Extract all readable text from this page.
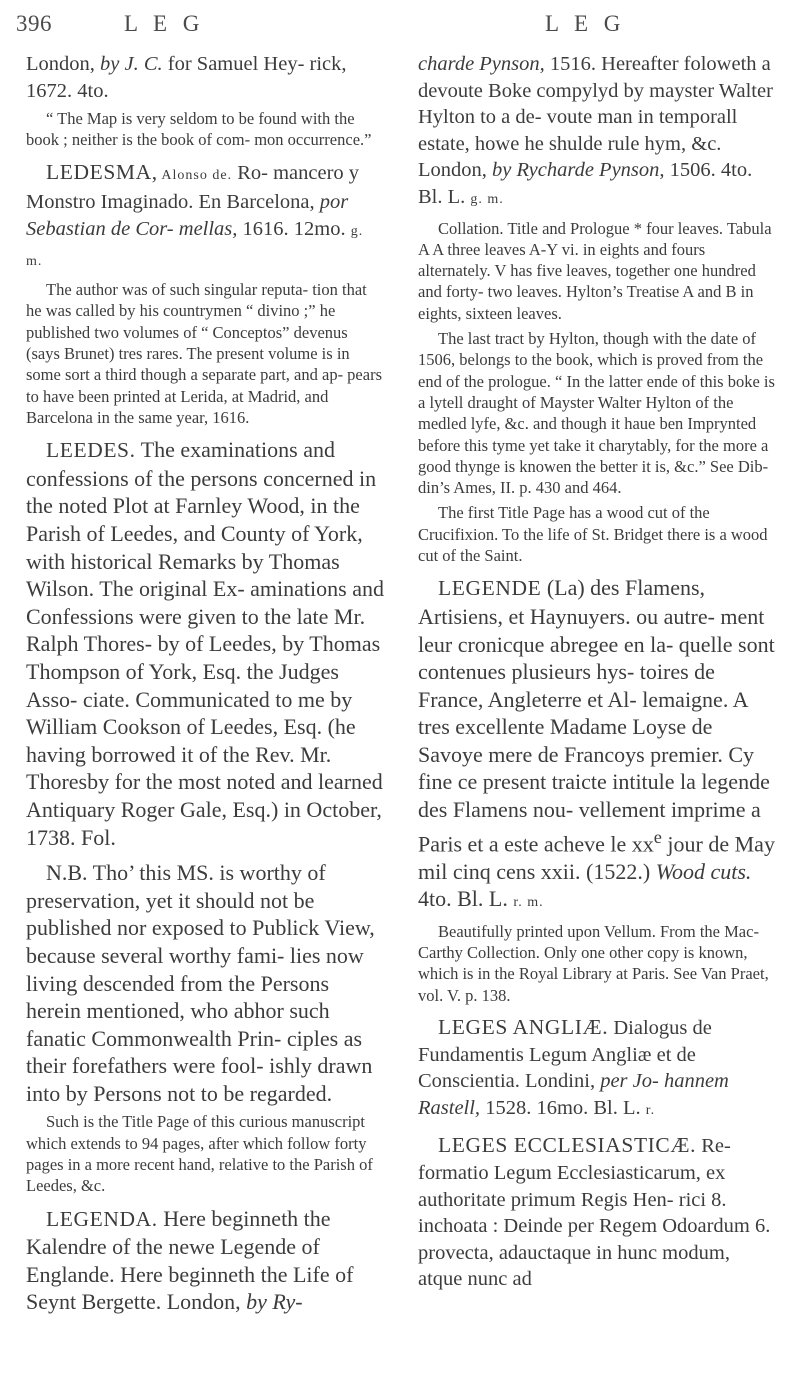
396	L E G	L E G

London, by J. C. for Samuel Hey- rick, 1672. 4to.

“ The Map is very seldom to be found with the book ; neither is the book of com- mon occurrence.”

LEDESMA, Alonso de. Ro- mancero y Monstro Imaginado. En Barcelona, por Sebastian de Cor- mellas, 1616. 12mo. g. m.

The author was of such singular reputa- tion that he was called by his countrymen “ divino ;” he published two volumes of “ Conceptos” devenus (says Brunet) tres rares. The present volume is in some sort a third though a separate part, and ap- pears to have been printed at Lerida, at Madrid, and Barcelona in the same year, 1616.

LEEDES. The examinations and confessions of the persons concerned in the noted Plot at Farnley Wood, in the Parish of Leedes, and County of York, with historical Remarks by Thomas Wilson. The original Ex- aminations and Confessions were given to the late Mr. Ralph Thores- by of Leedes, by Thomas Thompson of York, Esq. the Judges Asso- ciate. Communicated to me by William Cookson of Leedes, Esq. (he having borrowed it of the Rev. Mr. Thoresby for the most noted and learned Antiquary Roger Gale, Esq.) in October, 1738. Fol.

N.B. Tho’ this MS. is worthy of preservation, yet it should not be published nor exposed to Publick View, because several worthy fami- lies now living descended from the Persons herein mentioned, who abhor such fanatic Commonwealth Prin- ciples as their forefathers were fool- ishly drawn into by Persons not to be regarded.

Such is the Title Page of this curious manuscript which extends to 94 pages, after which follow forty pages in a more recent hand, relative to the Parish of Leedes, &c.

LEGENDA. Here beginneth the Kalendre of the newe Legende of Englande. Here beginneth the Life of Seynt Bergette. London, by Ry-

charde Pynson, 1516. Hereafter foloweth a devoute Boke compylyd by mayster Walter Hylton to a de- voute man in temporall estate, howe he shulde rule hym, &c. London, by Rycharde Pynson, 1506. 4to. Bl. L. g. m.

Collation. Title and Prologue * four leaves. Tabula A A three leaves A-Y vi. in eights and fours alternately. V has five leaves, together one hundred and forty- two leaves. Hylton’s Treatise A and B in eights, sixteen leaves.

The last tract by Hylton, though with the date of 1506, belongs to the book, which is proved from the end of the prologue. “ In the latter ende of this boke is a lytell draught of Mayster Walter Hylton of the medled lyfe, &c. and though it haue ben Imprynted before this tyme yet take it charytably, for the more a good thynge is knowen the better it is, &c.” See Dib- din’s Ames, II. p. 430 and 464.

The first Title Page has a wood cut of the Crucifixion. To the life of St. Bridget there is a wood cut of the Saint.

LEGENDE (La) des Flamens, Artisiens, et Haynuyers. ou autre- ment leur cronicque abregee en la- quelle sont contenues plusieurs hys- toires de France, Angleterre et Al- lemaigne. A tres excellente Madame Loyse de Savoye mere de Francoys premier. Cy fine ce present traicte intitule la legende des Flamens nou- vellement imprime a Paris et a este acheve le $xx^e$ jour de May mil cinq cens xxii. (1522.) Wood cuts. 4to. Bl. L. r. m.

Beautifully printed upon Vellum. From the Mac-Carthy Collection. Only one other copy is known, which is in the Royal Library at Paris. See Van Praet, vol. V. p. 138.

LEGES ANGLIÆ. Dialogus de Fundamentis Legum Angliæ et de Conscientia. Londini, per Jo- hannem Rastell, 1528. 16mo. Bl. L. r.

LEGES ECCLESIASTICÆ. Re- formatio Legum Ecclesiasticarum, ex authoritate primum Regis Hen- rici 8. inchoata : Deinde per Regem Odoardum 6. provecta, adauctaque in hunc modum, atque nunc ad
